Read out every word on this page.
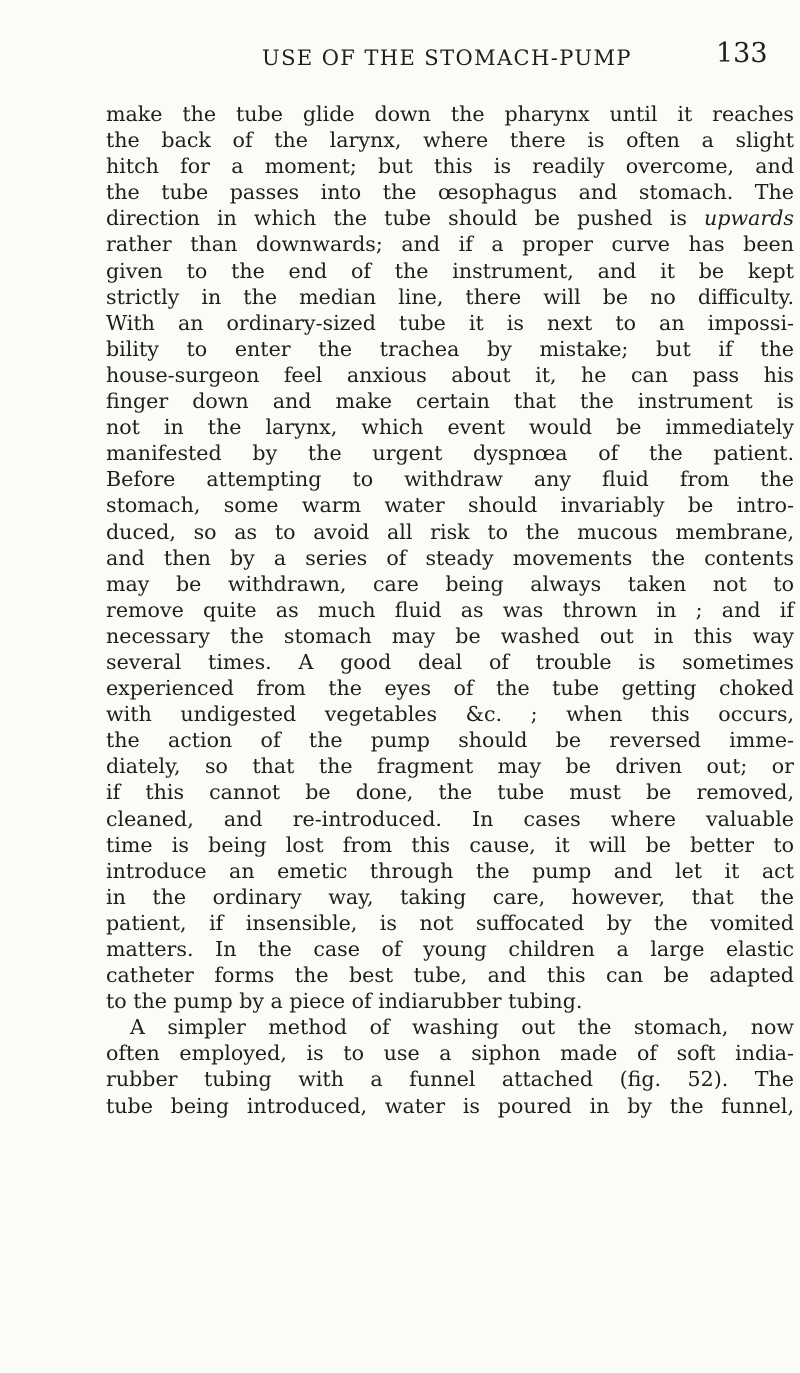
USE OF THE STOMACH-PUMP	133
make the tube glide down the pharynx until it reaches
the back of the larynx, where there is often a slight
hitch for a moment; but this is readily overcome, and
the tube passes into the œsophagus and stomach. The
direction in which the tube should be pushed is upwards
rather than downwards; and if a proper curve has been
given to the end of the instrument, and it be kept
strictly in the median line, there will be no difficulty.
With an ordinary-sized tube it is next to an impossi-
bility to enter the trachea by mistake; but if the
house-surgeon feel anxious about it, he can pass his
finger down and make certain that the instrument is
not in the larynx, which event would be immediately
manifested by the urgent dyspnœa of the patient.
Before attempting to withdraw any fluid from the
stomach, some warm water should invariably be intro-
duced, so as to avoid all risk to the mucous membrane,
and then by a series of steady movements the contents
may be withdrawn, care being always taken not to
remove quite as much fluid as was thrown in ; and if
necessary the stomach may be washed out in this way
several times. A good deal of trouble is sometimes
experienced from the eyes of the tube getting choked
with undigested vegetables &c. ; when this occurs,
the action of the pump should be reversed imme-
diately, so that the fragment may be driven out; or
if this cannot be done, the tube must be removed,
cleaned, and re-introduced. In cases where valuable
time is being lost from this cause, it will be better to
introduce an emetic through the pump and let it act
in the ordinary way, taking care, however, that the
patient, if insensible, is not suffocated by the vomited
matters. In the case of young children a large elastic
catheter forms the best tube, and this can be adapted
to the pump by a piece of indiarubber tubing.
A simpler method of washing out the stomach, now
often employed, is to use a siphon made of soft india-
rubber tubing with a funnel attached (fig. 52). The
tube being introduced, water is poured in by the funnel,
